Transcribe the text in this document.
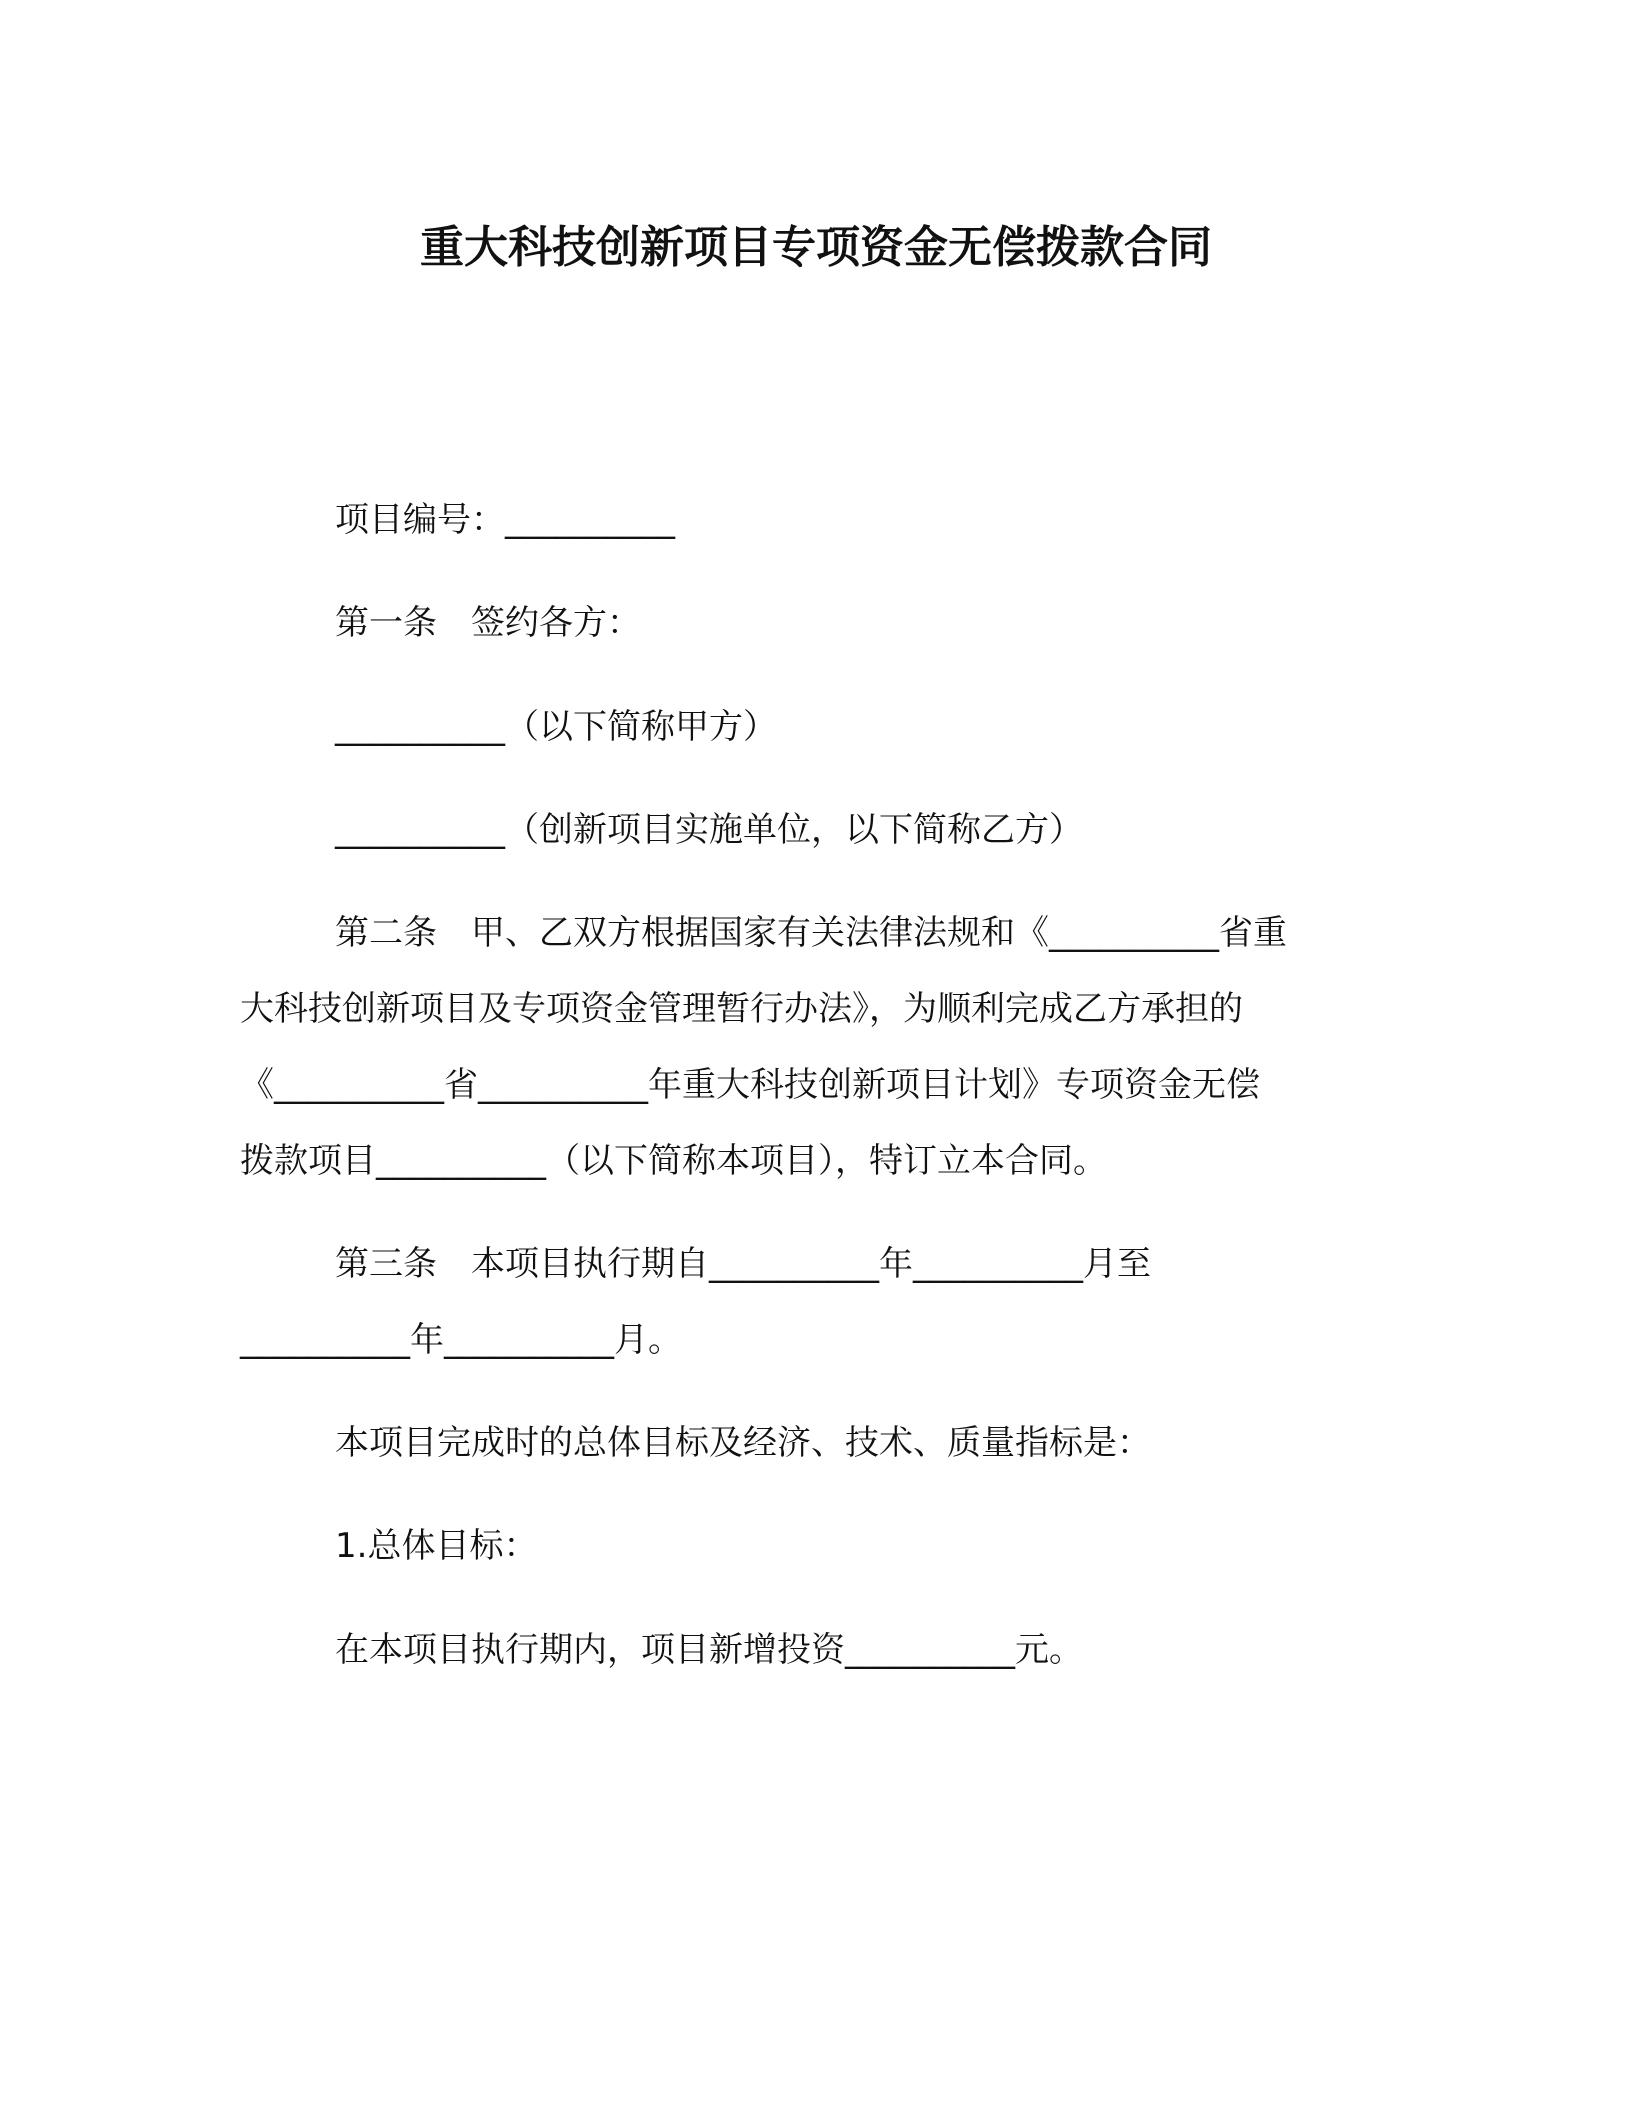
重大科技创新项目专项资金无偿拨款合同
项目编号：__________
第一条　签约各方：
__________（以下简称甲方）
__________（创新项目实施单位，以下简称乙方）
第二条　甲、乙双方根据国家有关法律法规和《__________省重
大科技创新项目及专项资金管理暂行办法》，为顺利完成乙方承担的
《__________省__________年重大科技创新项目计划》专项资金无偿
拨款项目__________（以下简称本项目），特订立本合同。
第三条　本项目执行期自__________年__________月至
__________年__________月。
本项目完成时的总体目标及经济、技术、质量指标是：
1.总体目标：
在本项目执行期内，项目新增投资__________元。
